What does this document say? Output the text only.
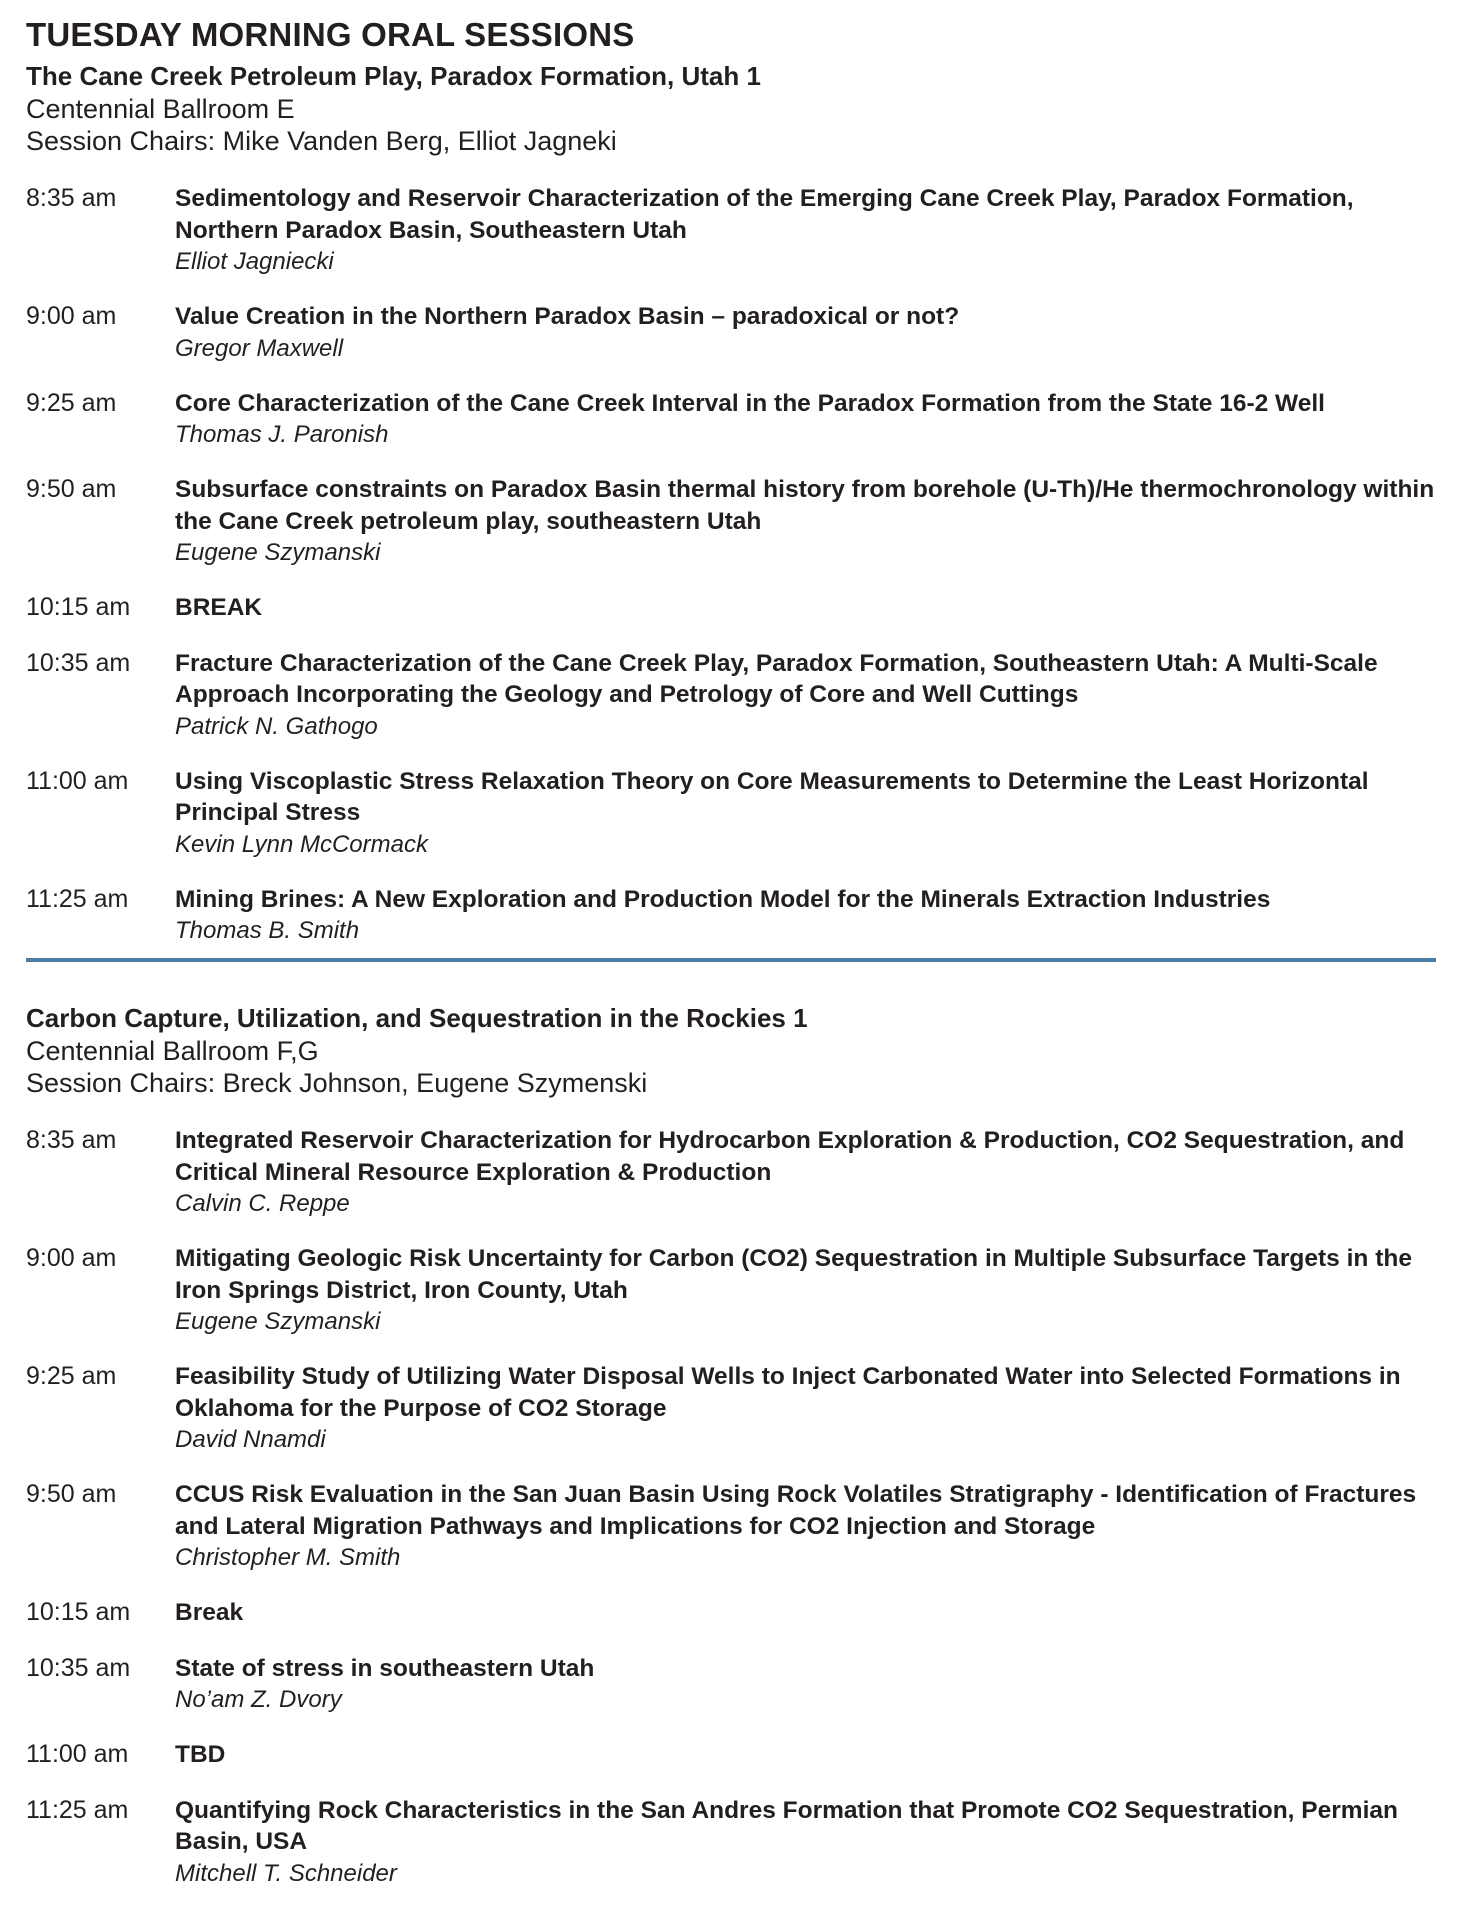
TUESDAY MORNING ORAL SESSIONS
The Cane Creek Petroleum Play, Paradox Formation, Utah 1
Centennial Ballroom E
Session Chairs: Mike Vanden Berg, Elliot Jagneki
8:35 am	Sedimentology and Reservoir Characterization of the Emerging Cane Creek Play, Paradox Formation, Northern Paradox Basin, Southeastern Utah
Elliot Jagniecki
9:00 am	Value Creation in the Northern Paradox Basin – paradoxical or not?
Gregor Maxwell
9:25 am	Core Characterization of the Cane Creek Interval in the Paradox Formation from the State 16-2 Well
Thomas J. Paronish
9:50 am	Subsurface constraints on Paradox Basin thermal history from borehole (U-Th)/He thermochronology within the Cane Creek petroleum play, southeastern Utah
Eugene Szymanski
10:15 am	BREAK
10:35 am	Fracture Characterization of the Cane Creek Play, Paradox Formation, Southeastern Utah: A Multi-Scale Approach Incorporating the Geology and Petrology of Core and Well Cuttings
Patrick N. Gathogo
11:00 am	Using Viscoplastic Stress Relaxation Theory on Core Measurements to Determine the Least Horizontal Principal Stress
Kevin Lynn McCormack
11:25 am	Mining Brines: A New Exploration and Production Model for the Minerals Extraction Industries
Thomas B. Smith
Carbon Capture, Utilization, and Sequestration in the Rockies 1
Centennial Ballroom F,G
Session Chairs: Breck Johnson, Eugene Szymenski
8:35 am	Integrated Reservoir Characterization for Hydrocarbon Exploration & Production, CO2 Sequestration, and Critical Mineral Resource Exploration & Production
Calvin C. Reppe
9:00 am	Mitigating Geologic Risk Uncertainty for Carbon (CO2) Sequestration in Multiple Subsurface Targets in the Iron Springs District, Iron County, Utah
Eugene Szymanski
9:25 am	Feasibility Study of Utilizing Water Disposal Wells to Inject Carbonated Water into Selected Formations in Oklahoma for the Purpose of CO2 Storage
David Nnamdi
9:50 am	CCUS Risk Evaluation in the San Juan Basin Using Rock Volatiles Stratigraphy - Identification of Fractures and Lateral Migration Pathways and Implications for CO2 Injection and Storage
Christopher M. Smith
10:15 am	Break
10:35 am	State of stress in southeastern Utah
No’am Z. Dvory
11:00 am	TBD
11:25 am	Quantifying Rock Characteristics in the San Andres Formation that Promote CO2 Sequestration, Permian Basin, USA
Mitchell T. Schneider
